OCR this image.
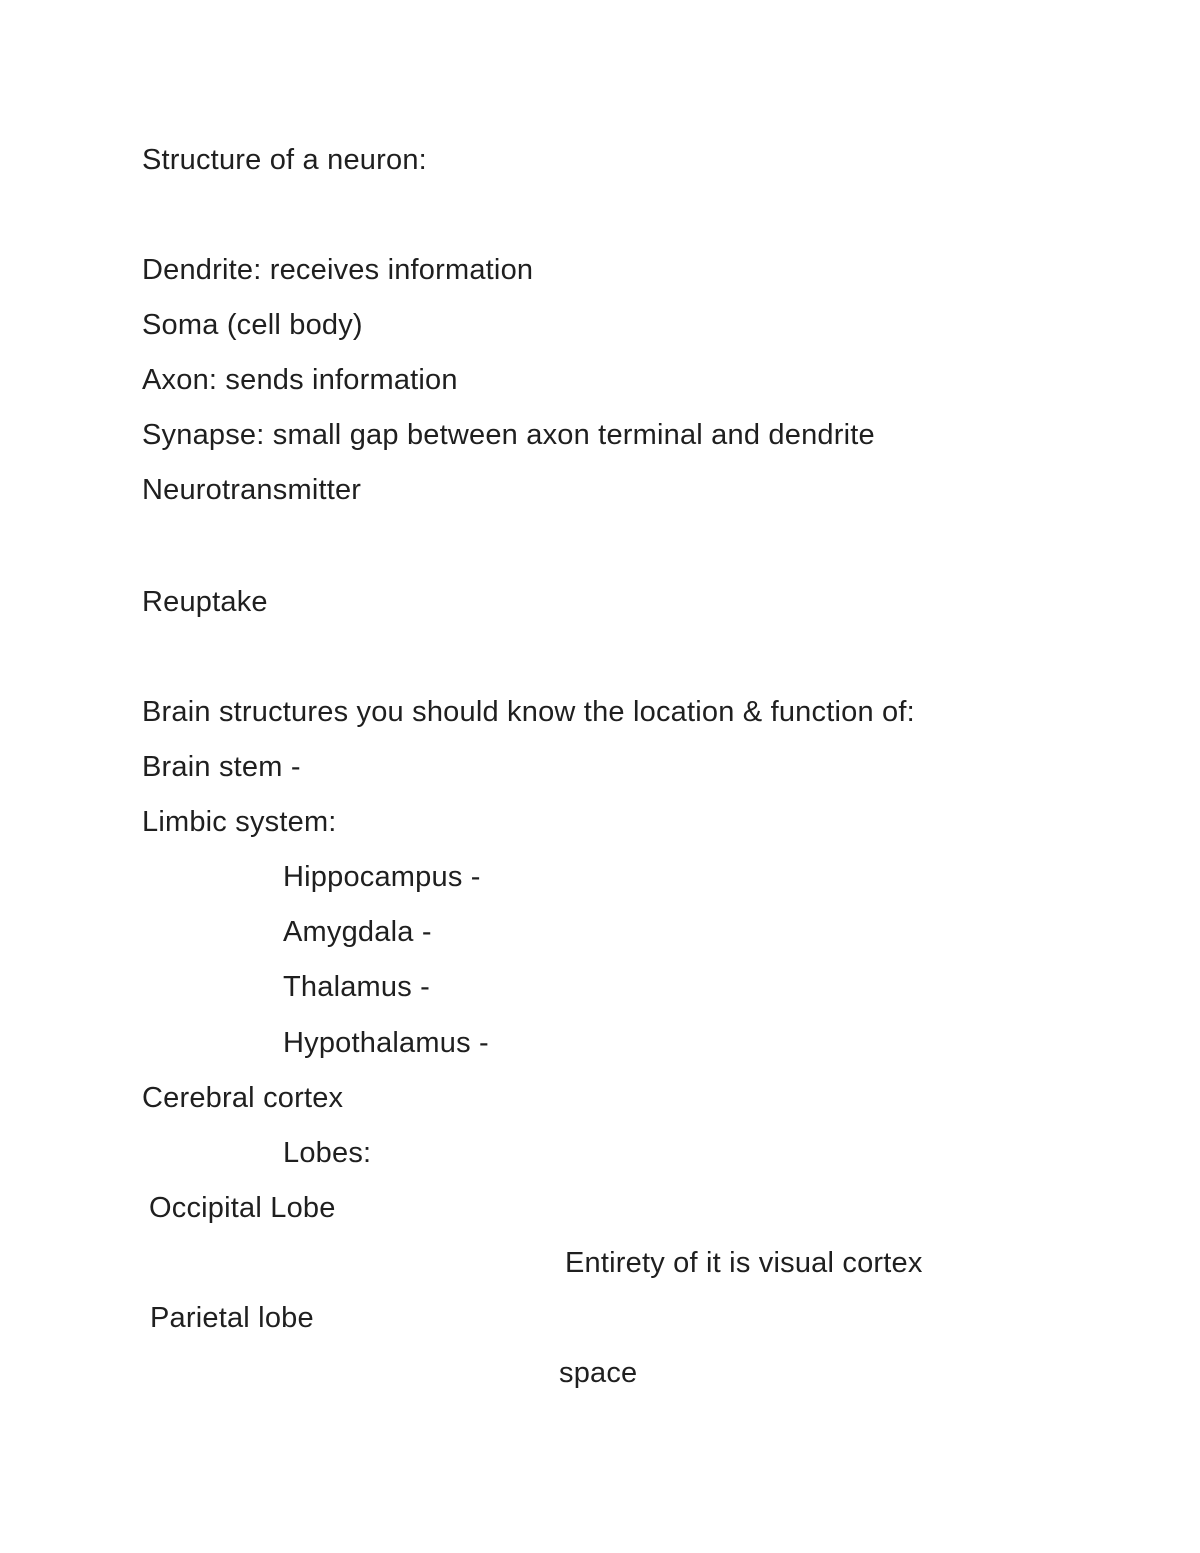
Structure of a neuron:
Dendrite: receives information
Soma (cell body)
Axon: sends information
Synapse: small gap between axon terminal and dendrite
Neurotransmitter
Reuptake
Brain structures you should know the location & function of:
Brain stem -
Limbic system:
Hippocampus -
Amygdala -
Thalamus -
Hypothalamus -
Cerebral cortex
Lobes:
Occipital Lobe
Entirety of it is visual cortex
Parietal lobe
space
